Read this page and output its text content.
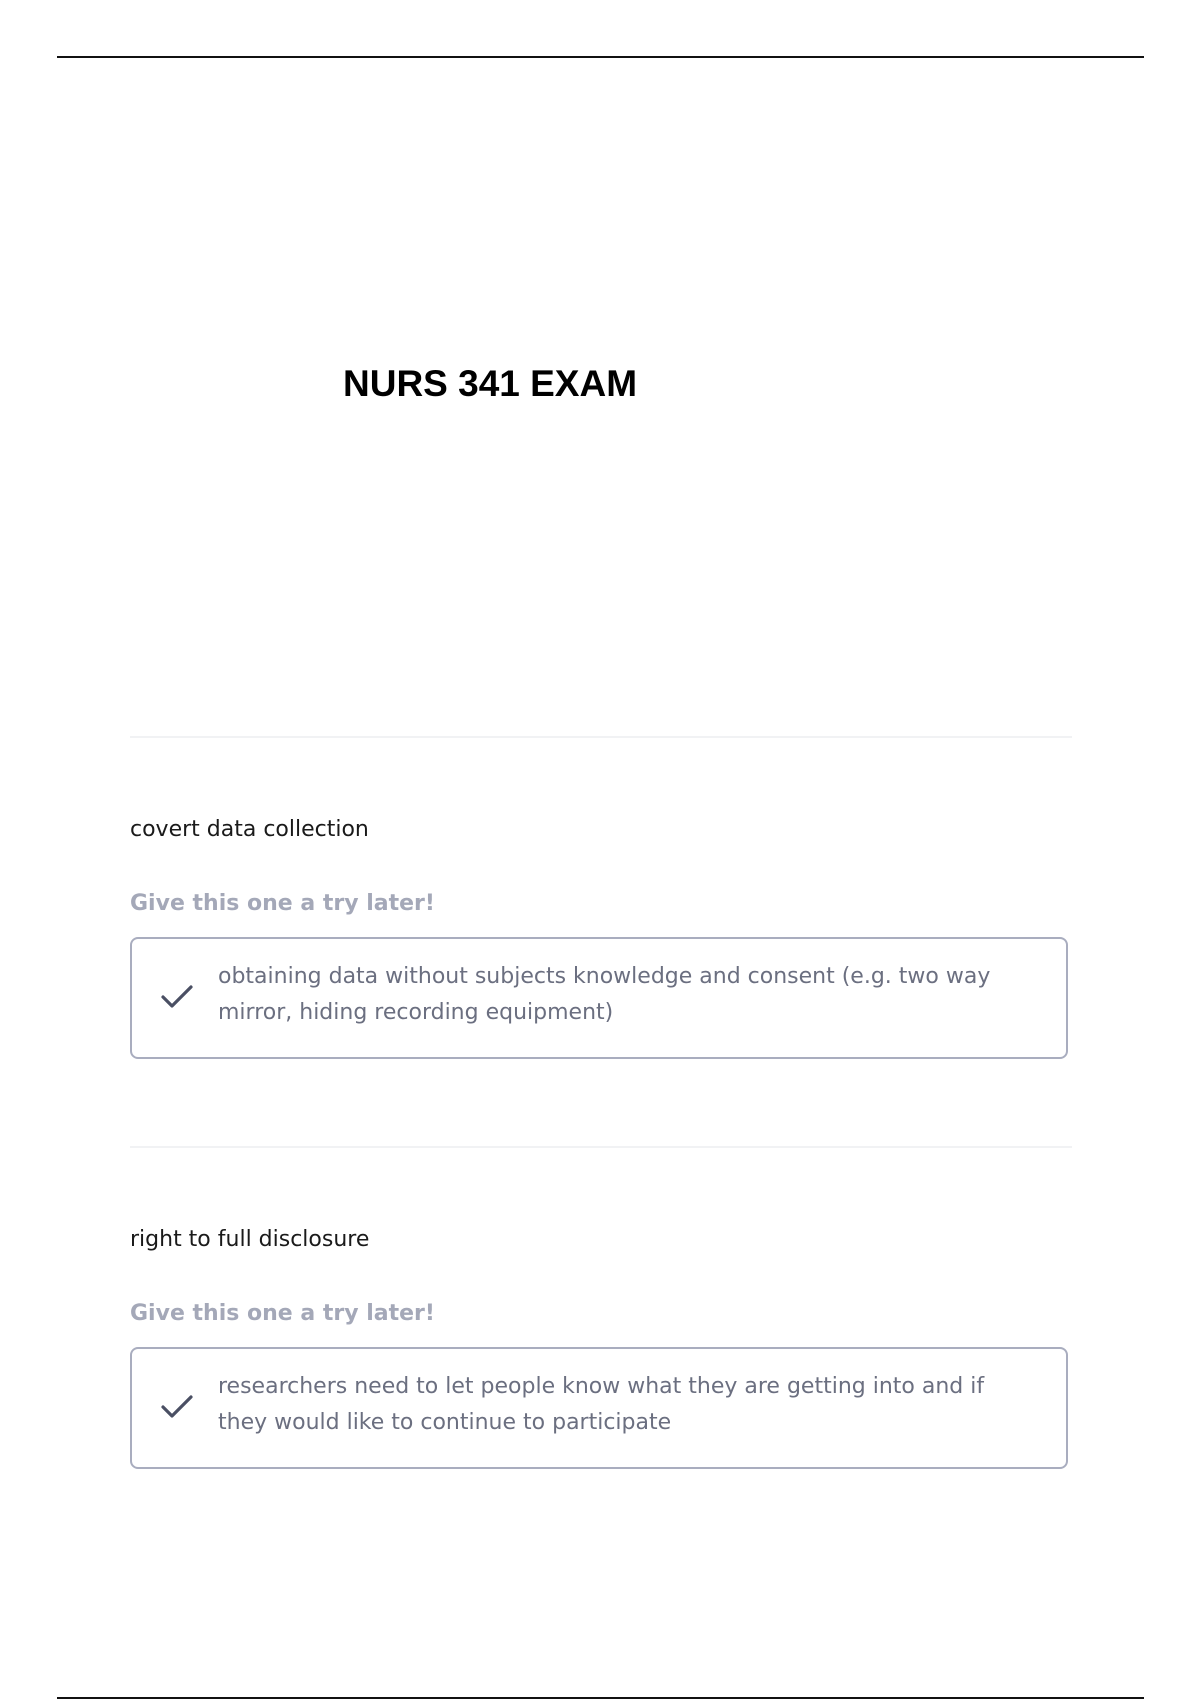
NURS 341 EXAM
covert data collection
Give this one a try later!
obtaining data without subjects knowledge and consent (e.g. two way mirror, hiding recording equipment)
right to full disclosure
Give this one a try later!
researchers need to let people know what they are getting into and if they would like to continue to participate
